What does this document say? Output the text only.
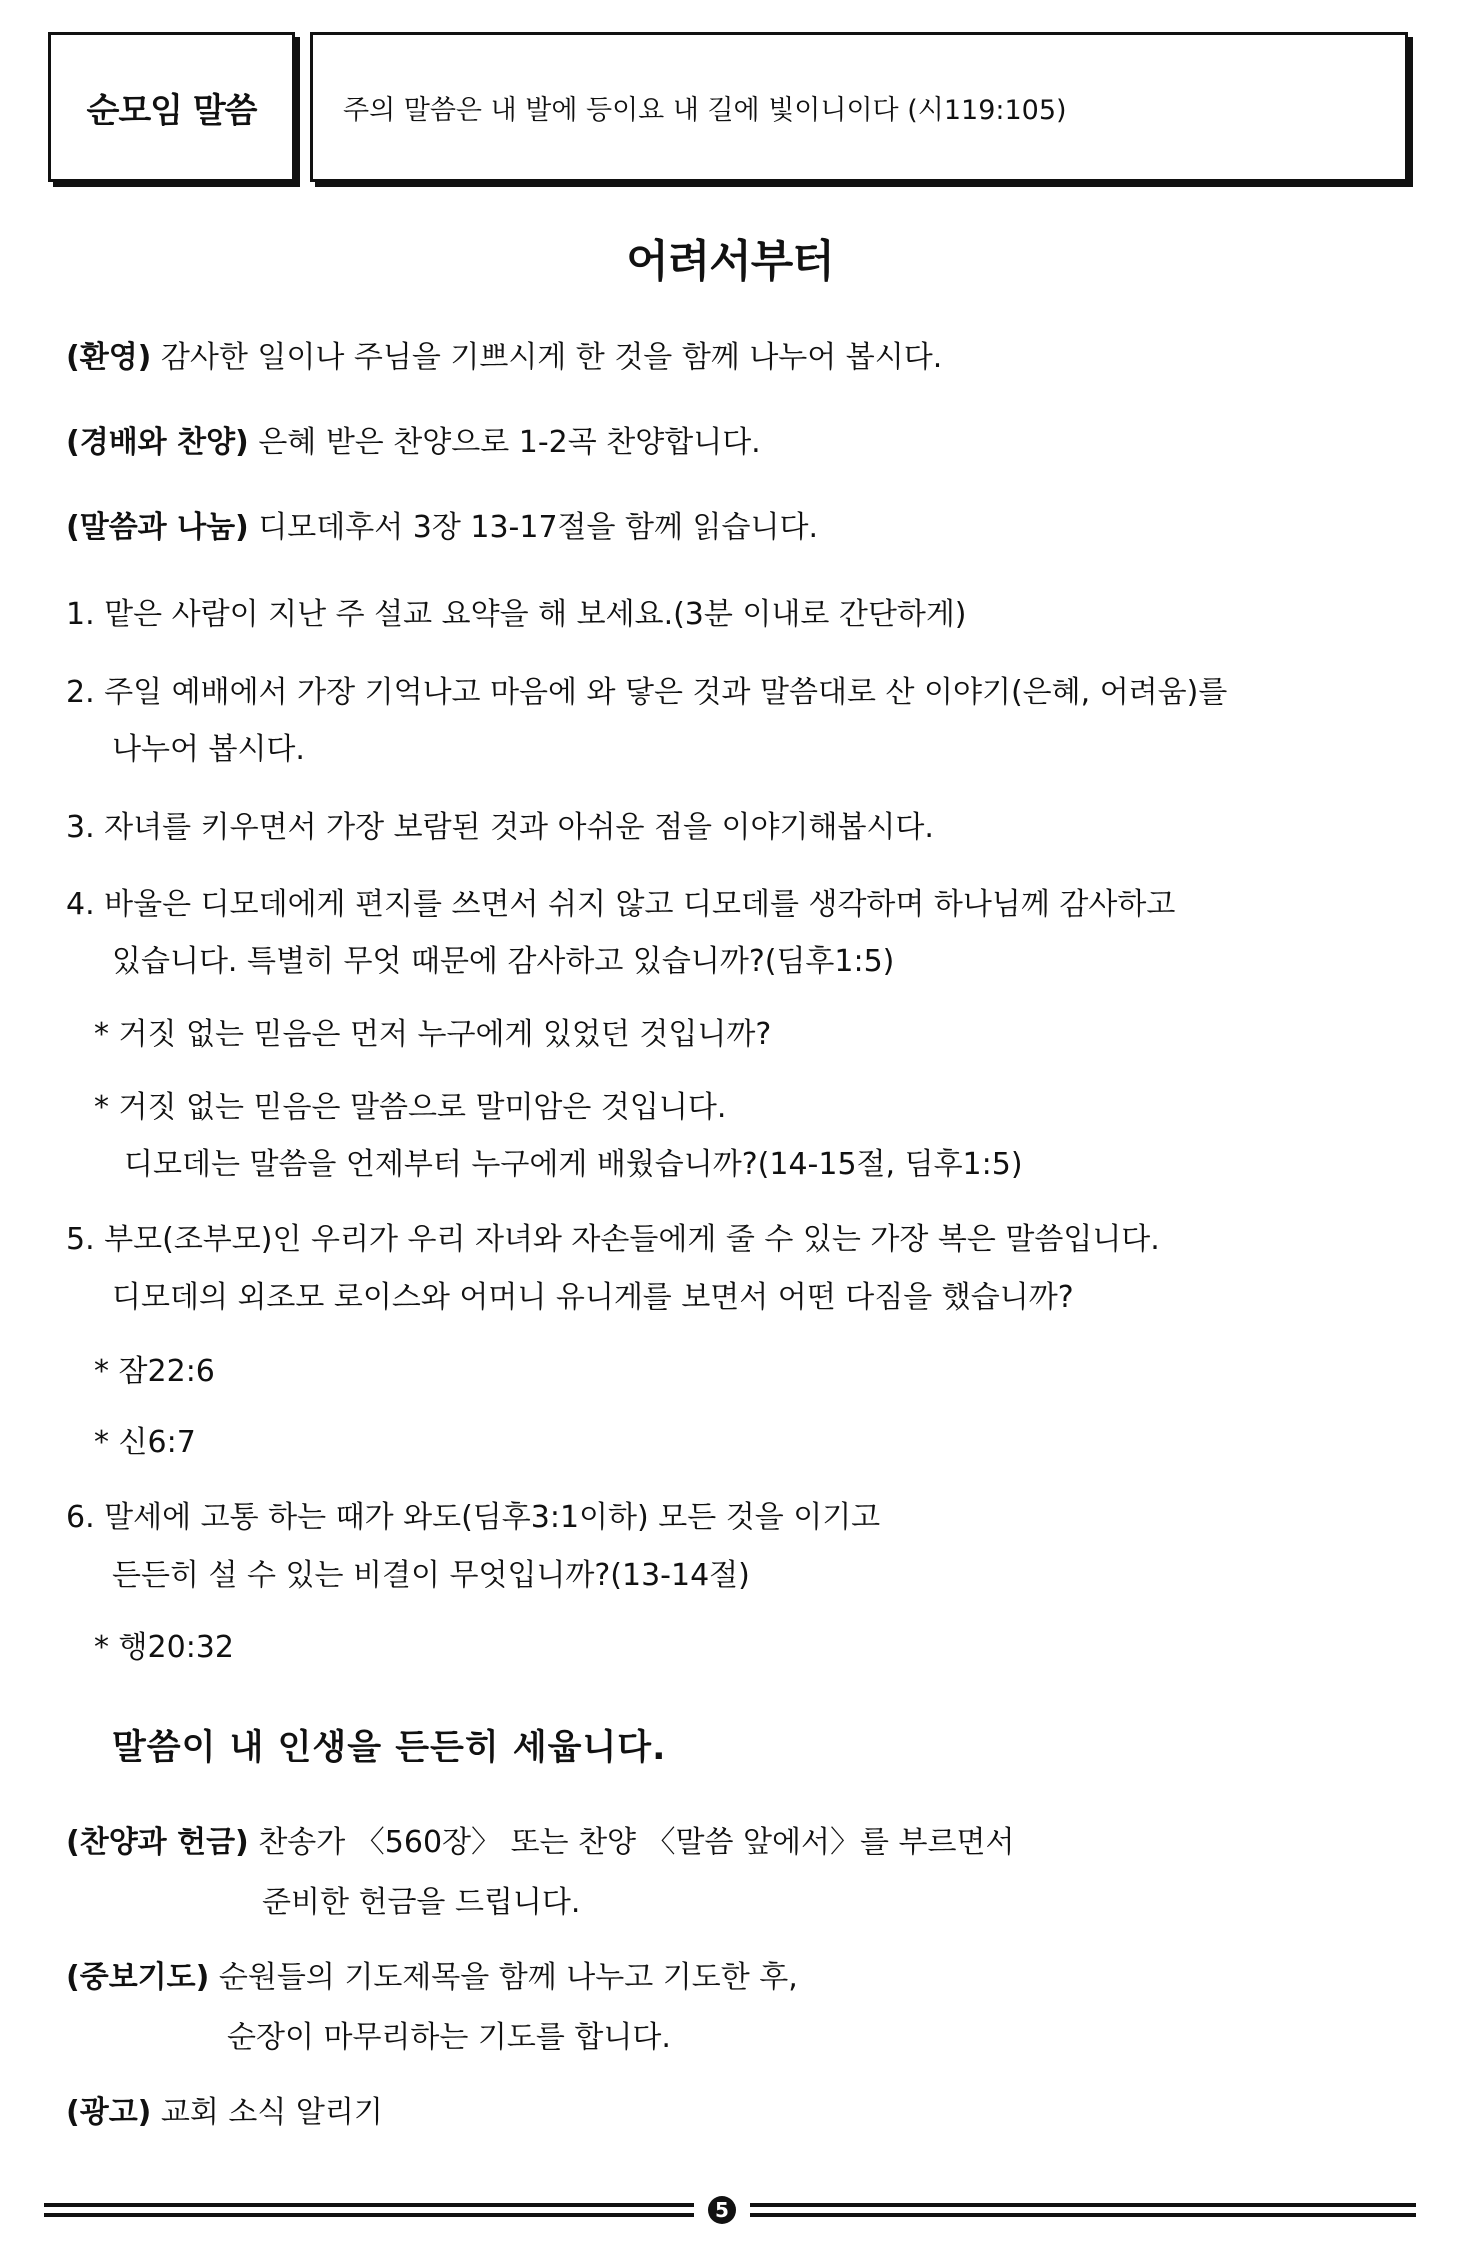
순모임 말씀	주의 말씀은 내 발에 등이요 내 길에 빛이니이다 (시119:105)
어려서부터
(환영) 감사한 일이나 주님을 기쁘시게 한 것을 함께 나누어 봅시다.
(경배와 찬양) 은혜 받은 찬양으로 1-2곡 찬양합니다.
(말씀과 나눔) 디모데후서 3장 13-17절을 함께 읽습니다.
1. 맡은 사람이 지난 주 설교 요약을 해 보세요.(3분 이내로 간단하게)
2. 주일 예배에서 가장 기억나고 마음에 와 닿은 것과 말씀대로 산 이야기(은혜, 어려움)를
나누어 봅시다.
3. 자녀를 키우면서 가장 보람된 것과 아쉬운 점을 이야기해봅시다.
4. 바울은 디모데에게 편지를 쓰면서 쉬지 않고 디모데를 생각하며 하나님께 감사하고
있습니다. 특별히 무엇 때문에 감사하고 있습니까?(딤후1:5)
* 거짓 없는 믿음은 먼저 누구에게 있었던 것입니까?
* 거짓 없는 믿음은 말씀으로 말미암은 것입니다.
디모데는 말씀을 언제부터 누구에게 배웠습니까?(14-15절, 딤후1:5)
5. 부모(조부모)인 우리가 우리 자녀와 자손들에게 줄 수 있는 가장 복은 말씀입니다.
디모데의 외조모 로이스와 어머니 유니게를 보면서 어떤 다짐을 했습니까?
* 잠22:6
* 신6:7
6. 말세에 고통 하는 때가 와도(딤후3:1이하) 모든 것을 이기고
든든히 설 수 있는 비결이 무엇입니까?(13-14절)
* 행20:32
말씀이 내 인생을 든든히 세웁니다.
(찬양과 헌금) 찬송가 〈560장〉 또는 찬양 〈말씀 앞에서〉를 부르면서
준비한 헌금을 드립니다.
(중보기도) 순원들의 기도제목을 함께 나누고 기도한 후,
순장이 마무리하는 기도를 합니다.
(광고) 교회 소식 알리기
5
